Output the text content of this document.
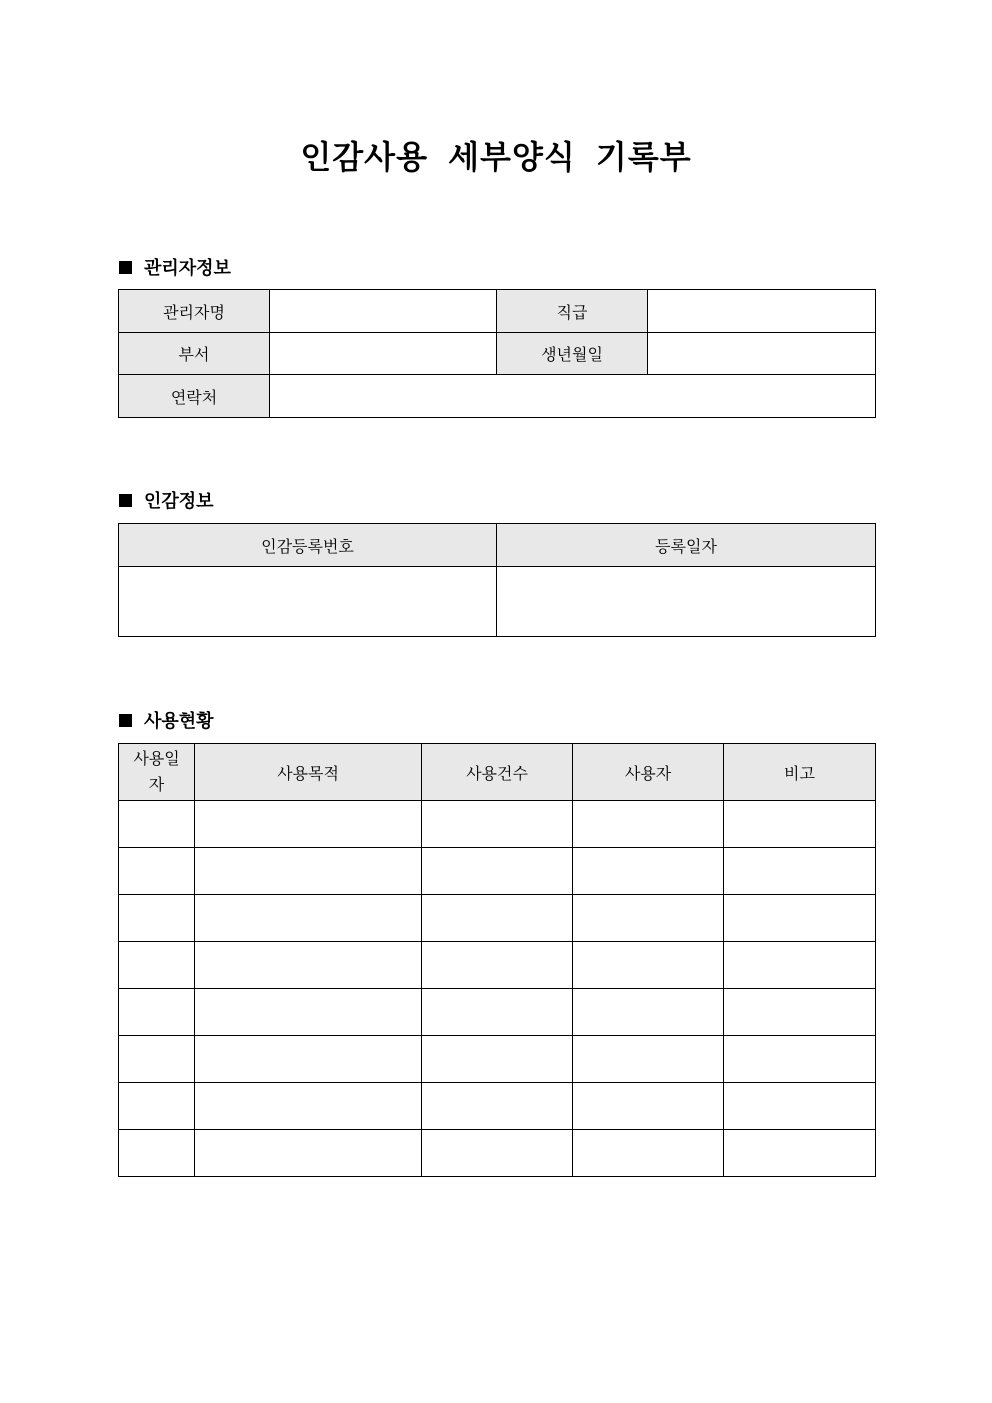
인감사용 세부양식 기록부
관리자정보
관리자명		직급	
부서		생년월일	
연락처			
인감정보
인감등록번호	등록일자

사용현황
사용일자	사용목적	사용건수	사용자	비고
